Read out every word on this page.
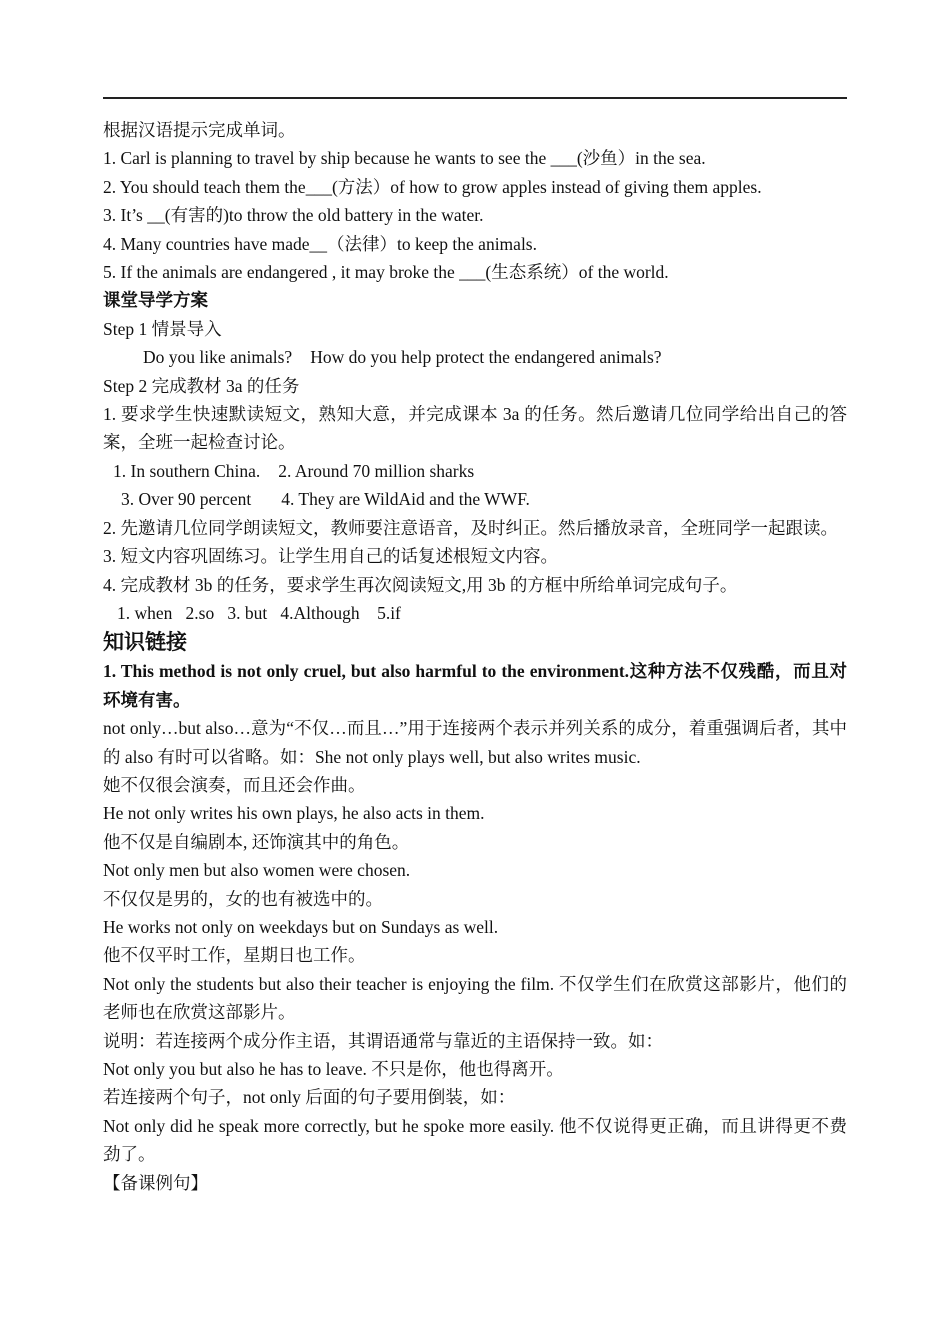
根据汉语提示完成单词。
1. Carl is planning to travel by ship because he wants to see the ___(沙鱼）in the sea.
2. You should teach them the___(方法）of how to grow apples instead of giving them apples.
3. It’s __(有害的)to throw the old battery in the water.
4. Many countries have made__（法律）to keep the animals.
5. If the animals are endangered , it may broke the ___(生态系统）of the world.
课堂导学方案
Step 1 情景导入
Do you like animals? How do you help protect the endangered animals?
Step 2 完成教材 3a 的任务
1. 要求学生快速默读短文，熟知大意，并完成课本 3a 的任务。然后邀请几位同学给出自己的答案，全班一起检查讨论。
1. In southern China. 2. Around 70 million sharks
3. Over 90 percent 4. They are WildAid and the WWF.
2. 先邀请几位同学朗读短文，教师要注意语音，及时纠正。然后播放录音，全班同学一起跟读。
3. 短文内容巩固练习。让学生用自己的话复述根短文内容。
4. 完成教材 3b 的任务，要求学生再次阅读短文,用 3b 的方框中所给单词完成句子。
1. when   2.so   3. but   4.Although    5.if
知识链接
1. This method is not only cruel, but also harmful to the environment.这种方法不仅残酷，而且对环境有害。
not only…but also…意为“不仅…而且…”用于连接两个表示并列关系的成分，着重强调后者，其中的 also 有时可以省略。如：She not only plays well, but also writes music.
她不仅很会演奏，而且还会作曲。
He not only writes his own plays, he also acts in them.
他不仅是自编剧本, 还饰演其中的角色。
Not only men but also women were chosen.
不仅仅是男的，女的也有被选中的。
He works not only on weekdays but on Sundays as well.
他不仅平时工作，星期日也工作。
Not only the students but also their teacher is enjoying the film. 不仅学生们在欣赏这部影片，他们的老师也在欣赏这部影片。
说明：若连接两个成分作主语，其谓语通常与靠近的主语保持一致。如：
Not only you but also he has to leave. 不只是你，他也得离开。
若连接两个句子，not only 后面的句子要用倒装，如：
Not only did he speak more correctly, but he spoke more easily. 他不仅说得更正确，而且讲得更不费劲了。
【备课例句】
